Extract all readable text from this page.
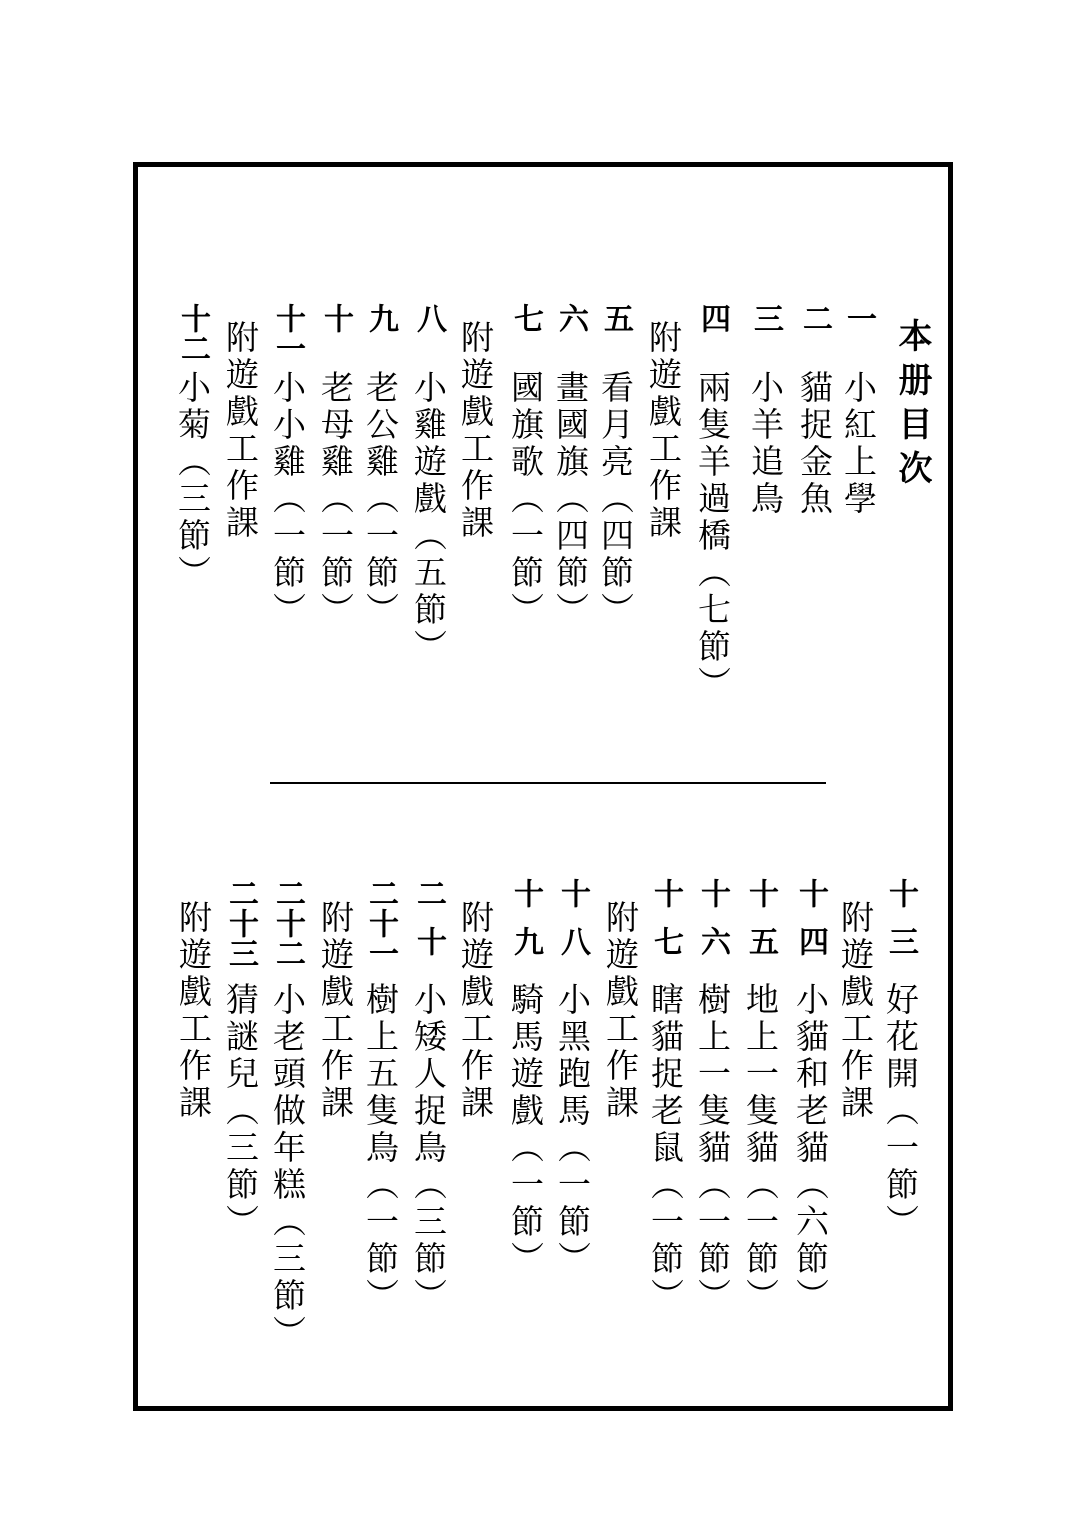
本册目次
一
小紅上學
二
貓捉金魚
三
小羊追鳥
四
兩隻羊過橋（七節）
附遊戲工作課
五
看月亮（四節）
六
畫國旗（四節）
七
國旗歌（一節）
附遊戲工作課
八
小雞遊戲（五節）
九
老公雞（一節）
十
老母雞（一節）
十一
小小雞（一節）
附遊戲工作課
十二
小菊（三節）
十三
好花開（一節）
附遊戲工作課
十四
小貓和老貓（六節）
十五
地上一隻貓（一節）
十六
樹上一隻貓（一節）
十七
瞎貓捉老鼠（一節）
附遊戲工作課
十八
小黑跑馬（一節）
十九
騎馬遊戲（一節）
附遊戲工作課
二十
小矮人捉鳥（三節）
二十一
樹上五隻鳥（一節）
附遊戲工作課
二十二
小老頭做年糕（三節）
二十三
猜謎兒（三節）
附遊戲工作課
